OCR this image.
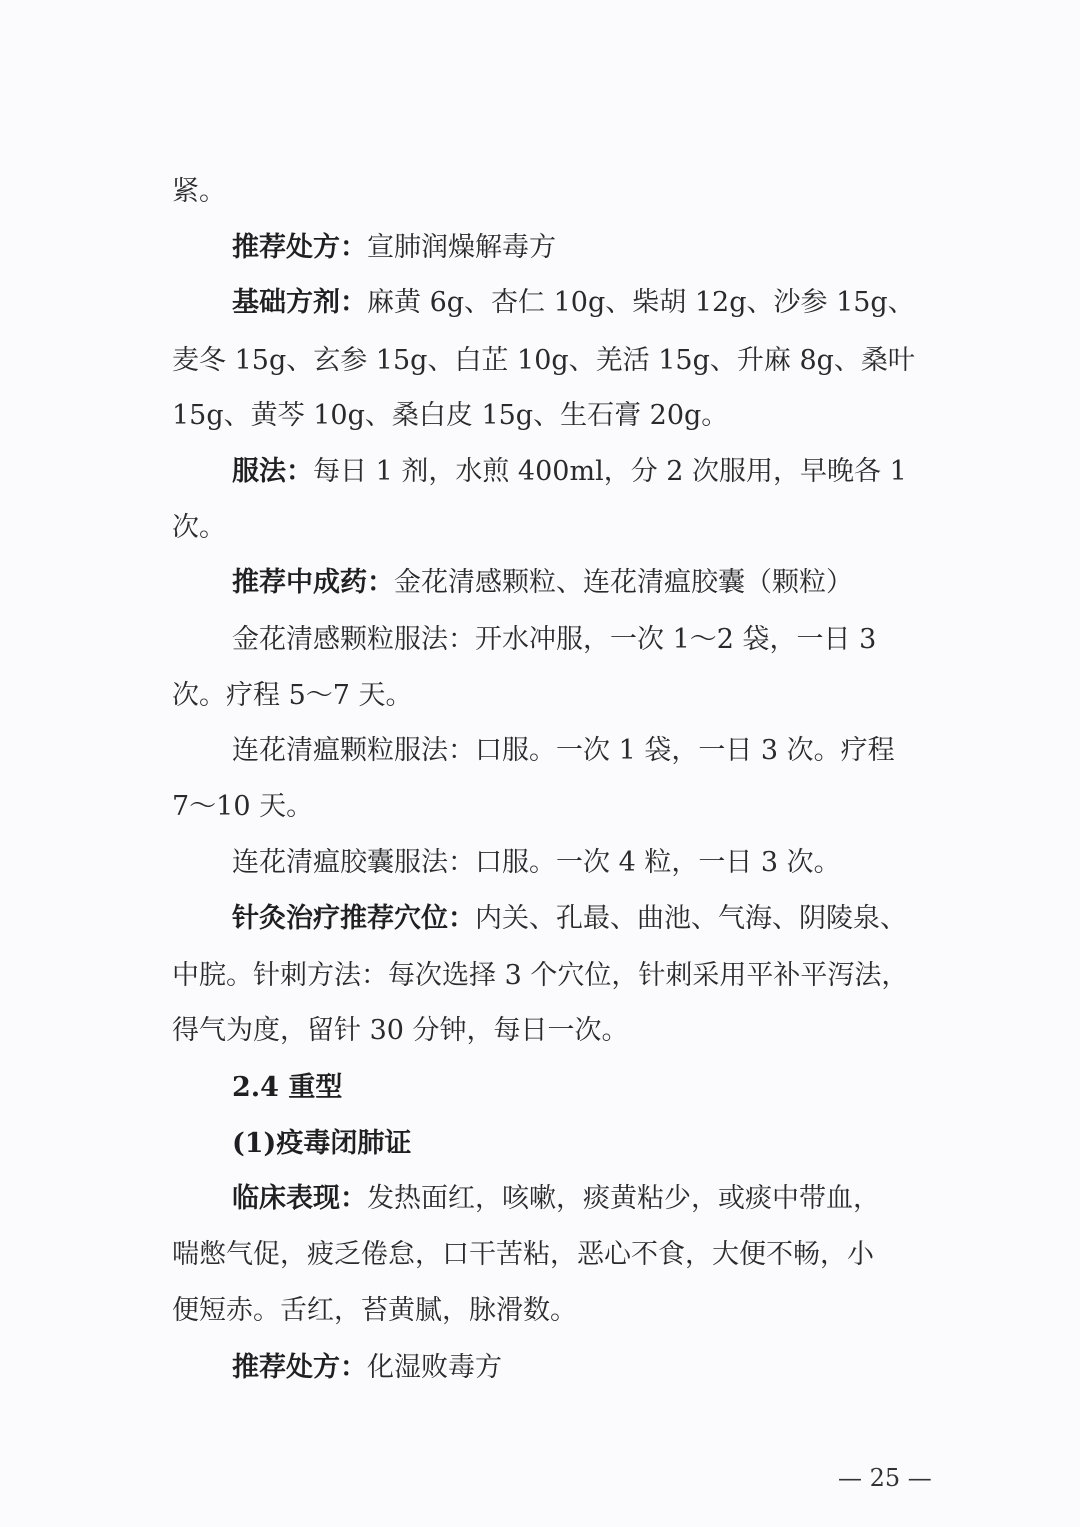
紧。
推荐处方：宣肺润燥解毒方
基础方剂：麻黄 6g、杏仁 10g、柴胡 12g、沙参 15g、
麦冬 15g、玄参 15g、白芷 10g、羌活 15g、升麻 8g、桑叶
15g、黄芩 10g、桑白皮 15g、生石膏 20g。
服法：每日 1 剂，水煎 400ml，分 2 次服用，早晚各 1
次。
推荐中成药：金花清感颗粒、连花清瘟胶囊（颗粒）
金花清感颗粒服法：开水冲服，一次 1～2 袋，一日 3
次。疗程 5～7 天。
连花清瘟颗粒服法：口服。一次 1 袋，一日 3 次。疗程
7～10 天。
连花清瘟胶囊服法：口服。一次 4 粒，一日 3 次。
针灸治疗推荐穴位：内关、孔最、曲池、气海、阴陵泉、
中脘。针刺方法：每次选择 3 个穴位，针刺采用平补平泻法，
得气为度，留针 30 分钟，每日一次。
2.4 重型
(1)疫毒闭肺证
临床表现：发热面红，咳嗽，痰黄粘少，或痰中带血，
喘憋气促，疲乏倦怠，口干苦粘，恶心不食，大便不畅，小
便短赤。舌红，苔黄腻，脉滑数。
推荐处方：化湿败毒方
— 25 —
